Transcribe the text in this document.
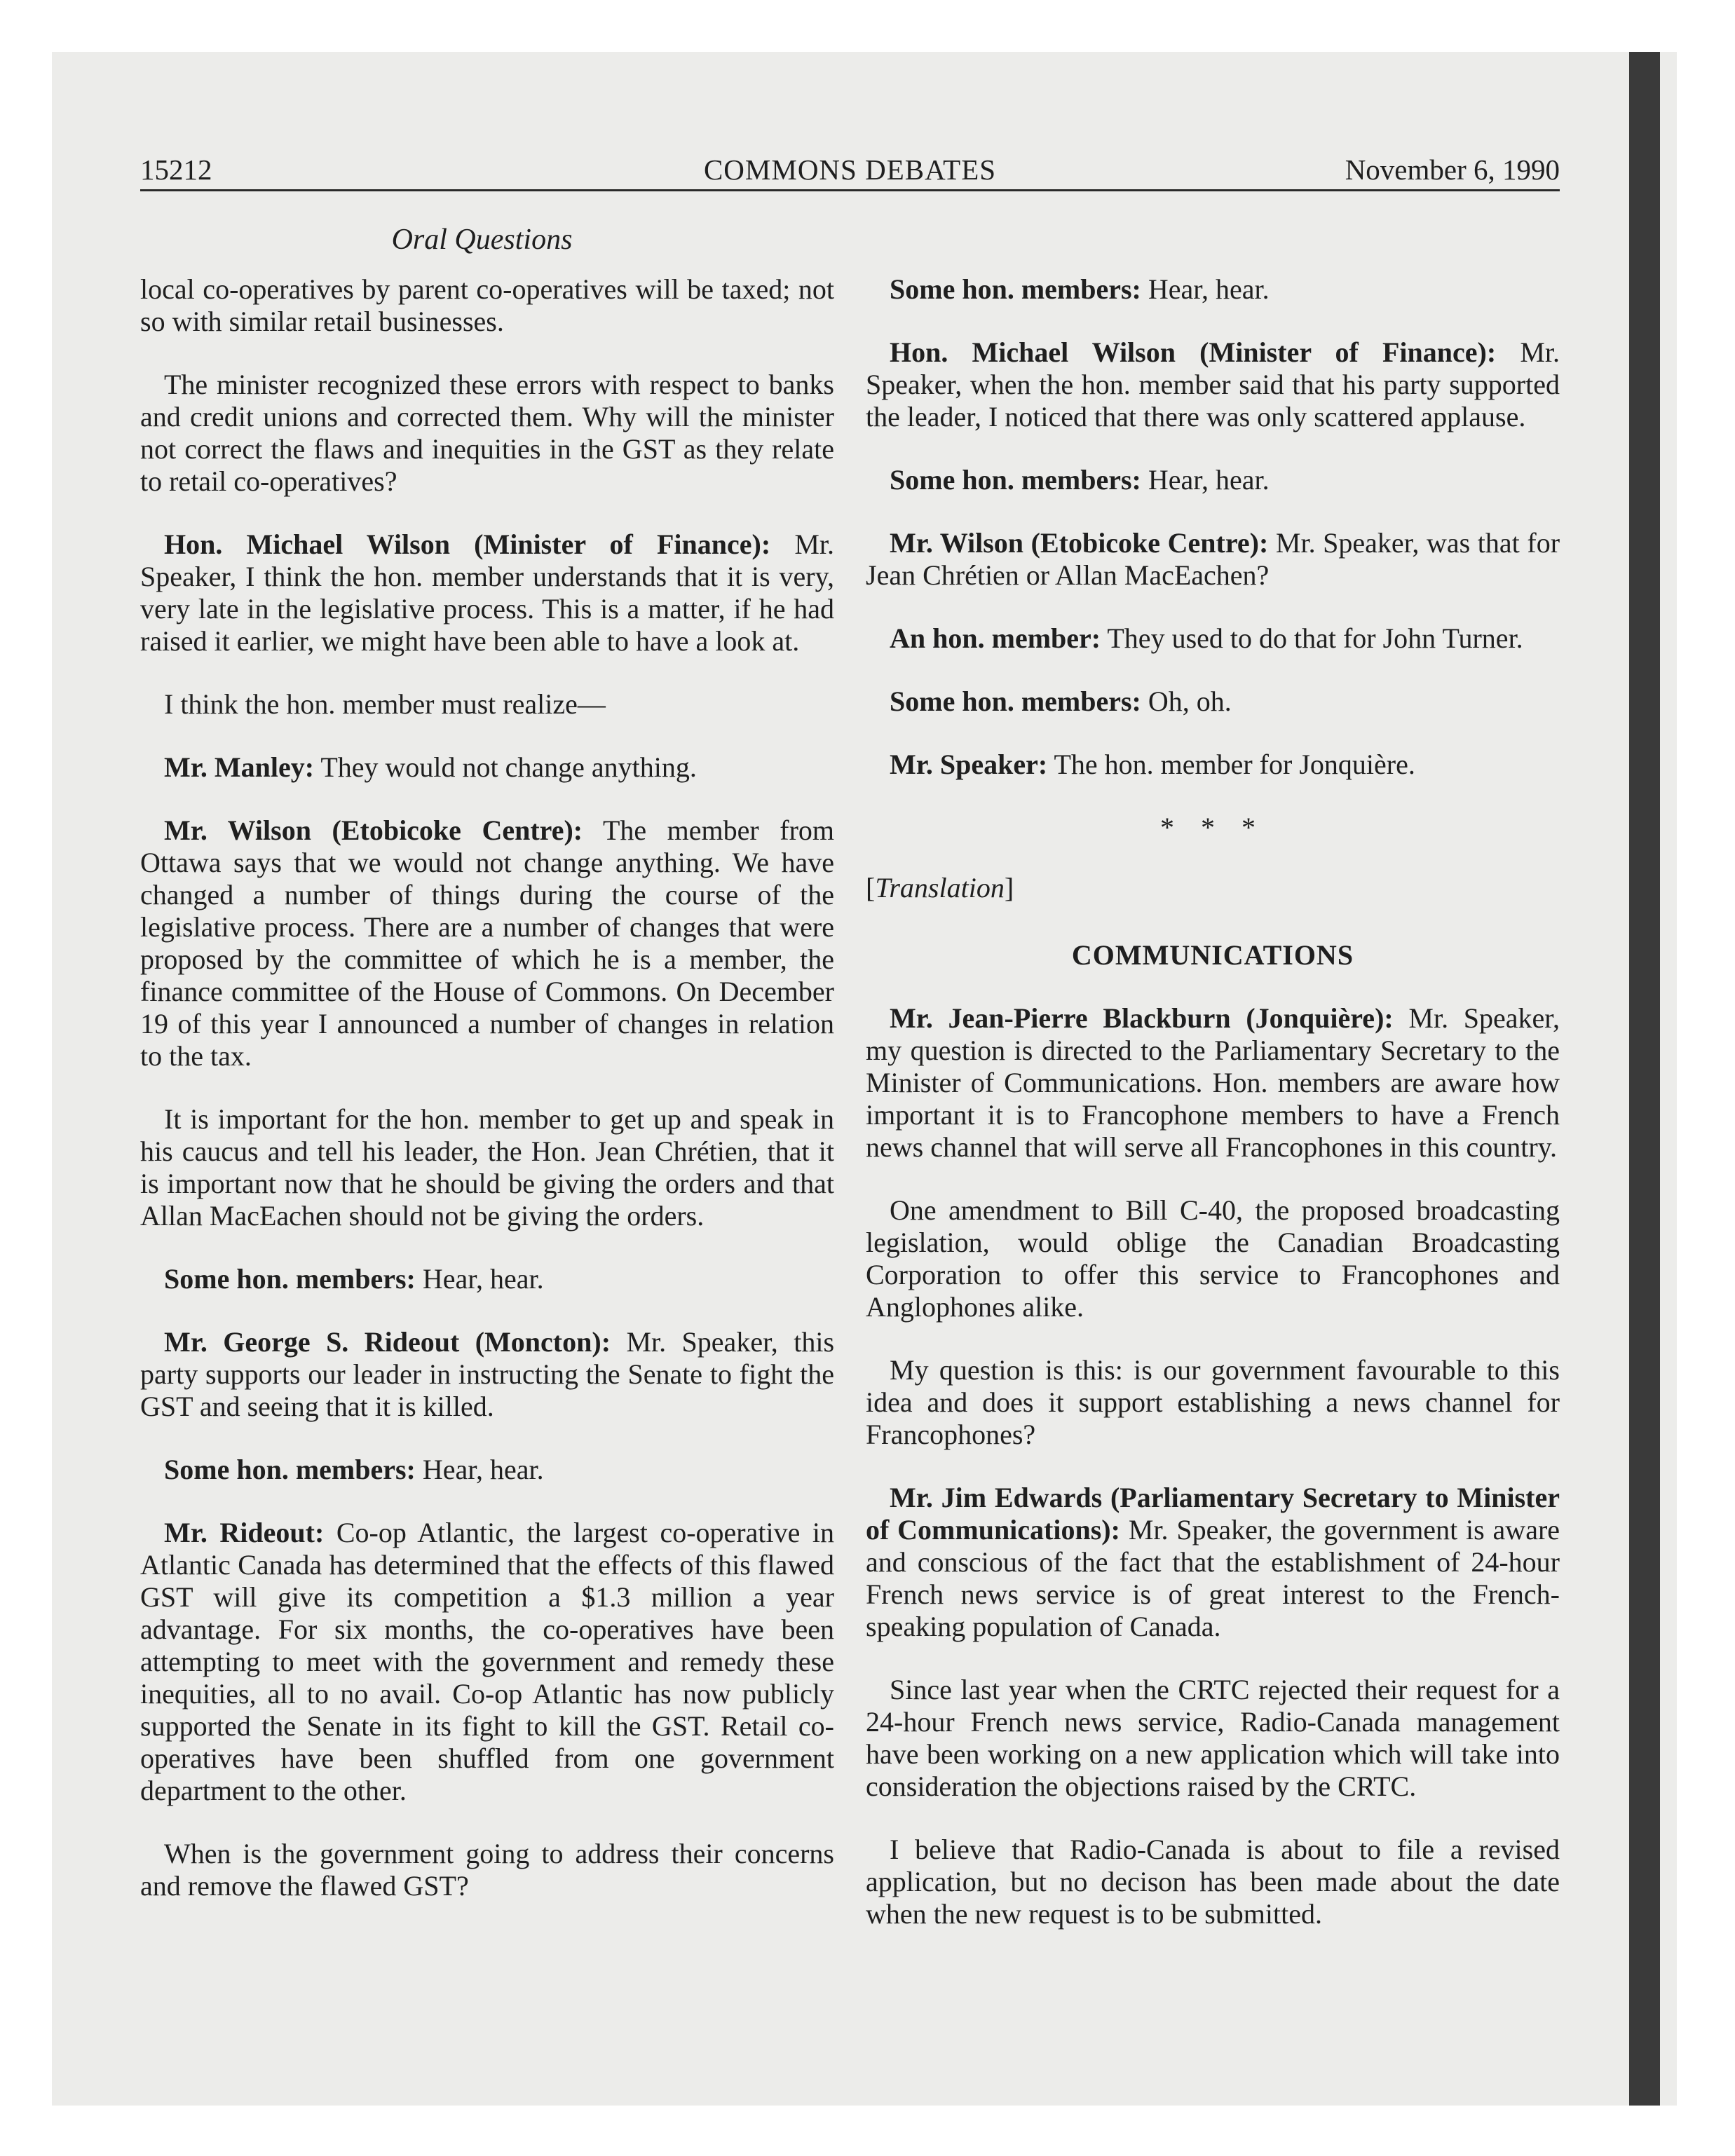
15212	COMMONS DEBATES	November 6, 1990
Oral Questions

local co-operatives by parent co-operatives will be taxed; not so with similar retail businesses.

The minister recognized these errors with respect to banks and credit unions and corrected them. Why will the minister not correct the flaws and inequities in the GST as they relate to retail co-operatives?

Hon. Michael Wilson (Minister of Finance): Mr. Speaker, I think the hon. member understands that it is very, very late in the legislative process. This is a matter, if he had raised it earlier, we might have been able to have a look at.

I think the hon. member must realize—

Mr. Manley: They would not change anything.

Mr. Wilson (Etobicoke Centre): The member from Ottawa says that we would not change anything. We have changed a number of things during the course of the legislative process. There are a number of changes that were proposed by the committee of which he is a member, the finance committee of the House of Commons. On December 19 of this year I announced a number of changes in relation to the tax.

It is important for the hon. member to get up and speak in his caucus and tell his leader, the Hon. Jean Chrétien, that it is important now that he should be giving the orders and that Allan MacEachen should not be giving the orders.

Some hon. members: Hear, hear.

Mr. George S. Rideout (Moncton): Mr. Speaker, this party supports our leader in instructing the Senate to fight the GST and seeing that it is killed.

Some hon. members: Hear, hear.

Mr. Rideout: Co-op Atlantic, the largest co-operative in Atlantic Canada has determined that the effects of this flawed GST will give its competition a $1.3 million a year advantage. For six months, the co-operatives have been attempting to meet with the government and remedy these inequities, all to no avail. Co-op Atlantic has now publicly supported the Senate in its fight to kill the GST. Retail co-operatives have been shuffled from one government department to the other.

When is the government going to address their concerns and remove the flawed GST?

Some hon. members: Hear, hear.

Hon. Michael Wilson (Minister of Finance): Mr. Speaker, when the hon. member said that his party supported the leader, I noticed that there was only scattered applause.

Some hon. members: Hear, hear.

Mr. Wilson (Etobicoke Centre): Mr. Speaker, was that for Jean Chrétien or Allan MacEachen?

An hon. member: They used to do that for John Turner.

Some hon. members: Oh, oh.

Mr. Speaker: The hon. member for Jonquière.

* * *

[Translation]

COMMUNICATIONS

Mr. Jean-Pierre Blackburn (Jonquière): Mr. Speaker, my question is directed to the Parliamentary Secretary to the Minister of Communications. Hon. members are aware how important it is to Francophone members to have a French news channel that will serve all Francophones in this country.

One amendment to Bill C-40, the proposed broadcasting legislation, would oblige the Canadian Broadcasting Corporation to offer this service to Francophones and Anglophones alike.

My question is this: is our government favourable to this idea and does it support establishing a news channel for Francophones?

Mr. Jim Edwards (Parliamentary Secretary to Minister of Communications): Mr. Speaker, the government is aware and conscious of the fact that the establishment of 24-hour French news service is of great interest to the French-speaking population of Canada.

Since last year when the CRTC rejected their request for a 24-hour French news service, Radio-Canada management have been working on a new application which will take into consideration the objections raised by the CRTC.

I believe that Radio-Canada is about to file a revised application, but no decison has been made about the date when the new request is to be submitted.
